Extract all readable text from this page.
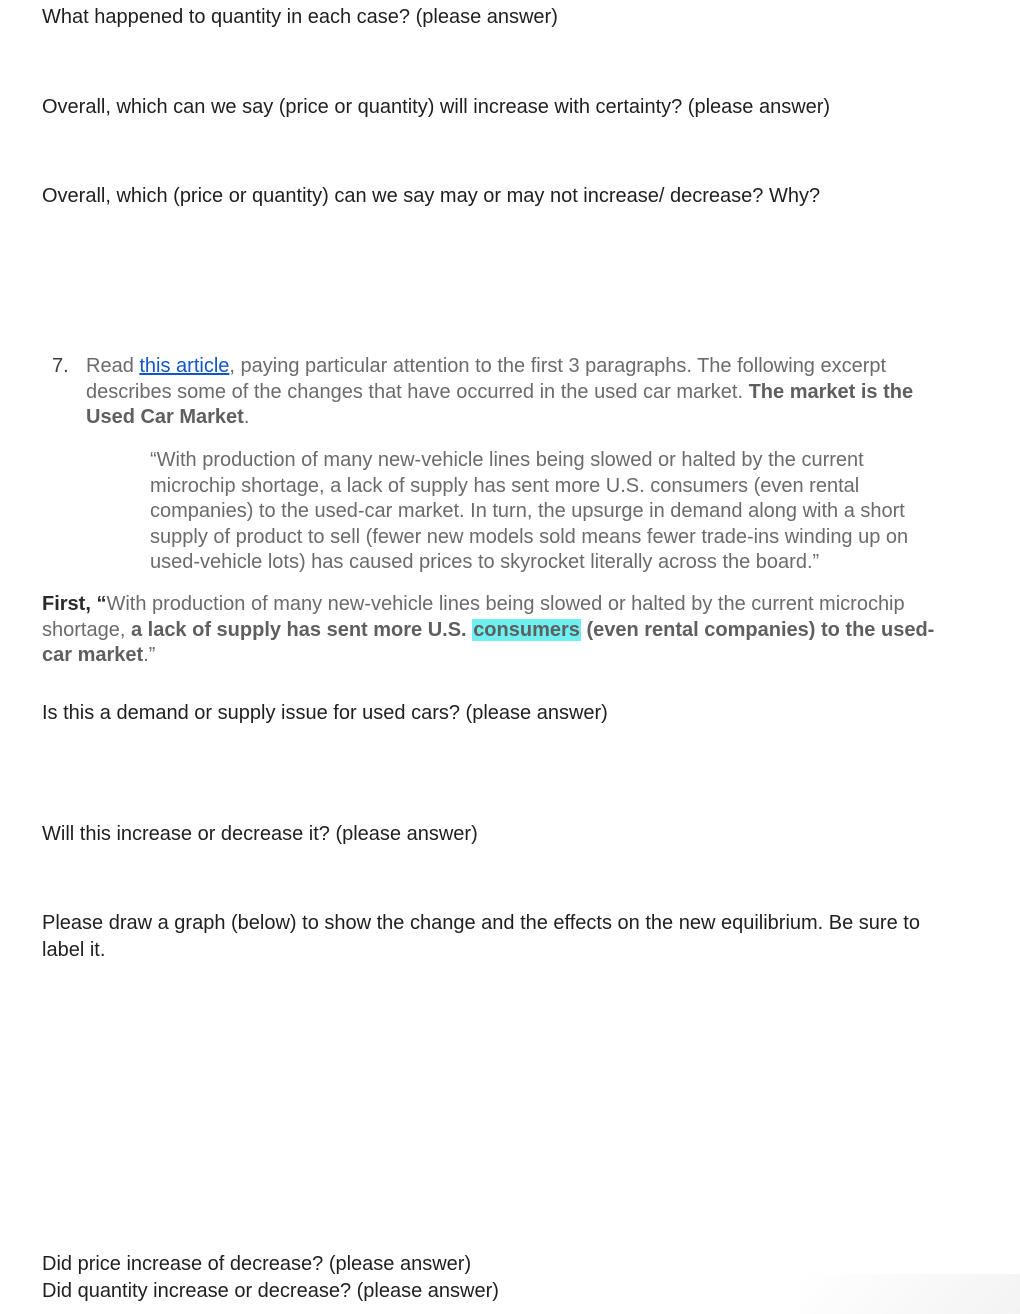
What happened to quantity in each case? (please answer)
Overall, which can we say (price or quantity) will increase with certainty? (please answer)
Overall, which (price or quantity) can we say may or may not increase/ decrease? Why?
7. Read this article, paying particular attention to the first 3 paragraphs. The following excerpt describes some of the changes that have occurred in the used car market. The market is the Used Car Market.
“With production of many new-vehicle lines being slowed or halted by the current microchip shortage, a lack of supply has sent more U.S. consumers (even rental companies) to the used-car market. In turn, the upsurge in demand along with a short supply of product to sell (fewer new models sold means fewer trade-ins winding up on used-vehicle lots) has caused prices to skyrocket literally across the board.”
First, “With production of many new-vehicle lines being slowed or halted by the current microchip shortage, a lack of supply has sent more U.S. consumers (even rental companies) to the used-car market.”
Is this a demand or supply issue for used cars? (please answer)
Will this increase or decrease it? (please answer)
Please draw a graph (below) to show the change and the effects on the new equilibrium. Be sure to label it.
Did price increase of decrease? (please answer)
Did quantity increase or decrease? (please answer)
